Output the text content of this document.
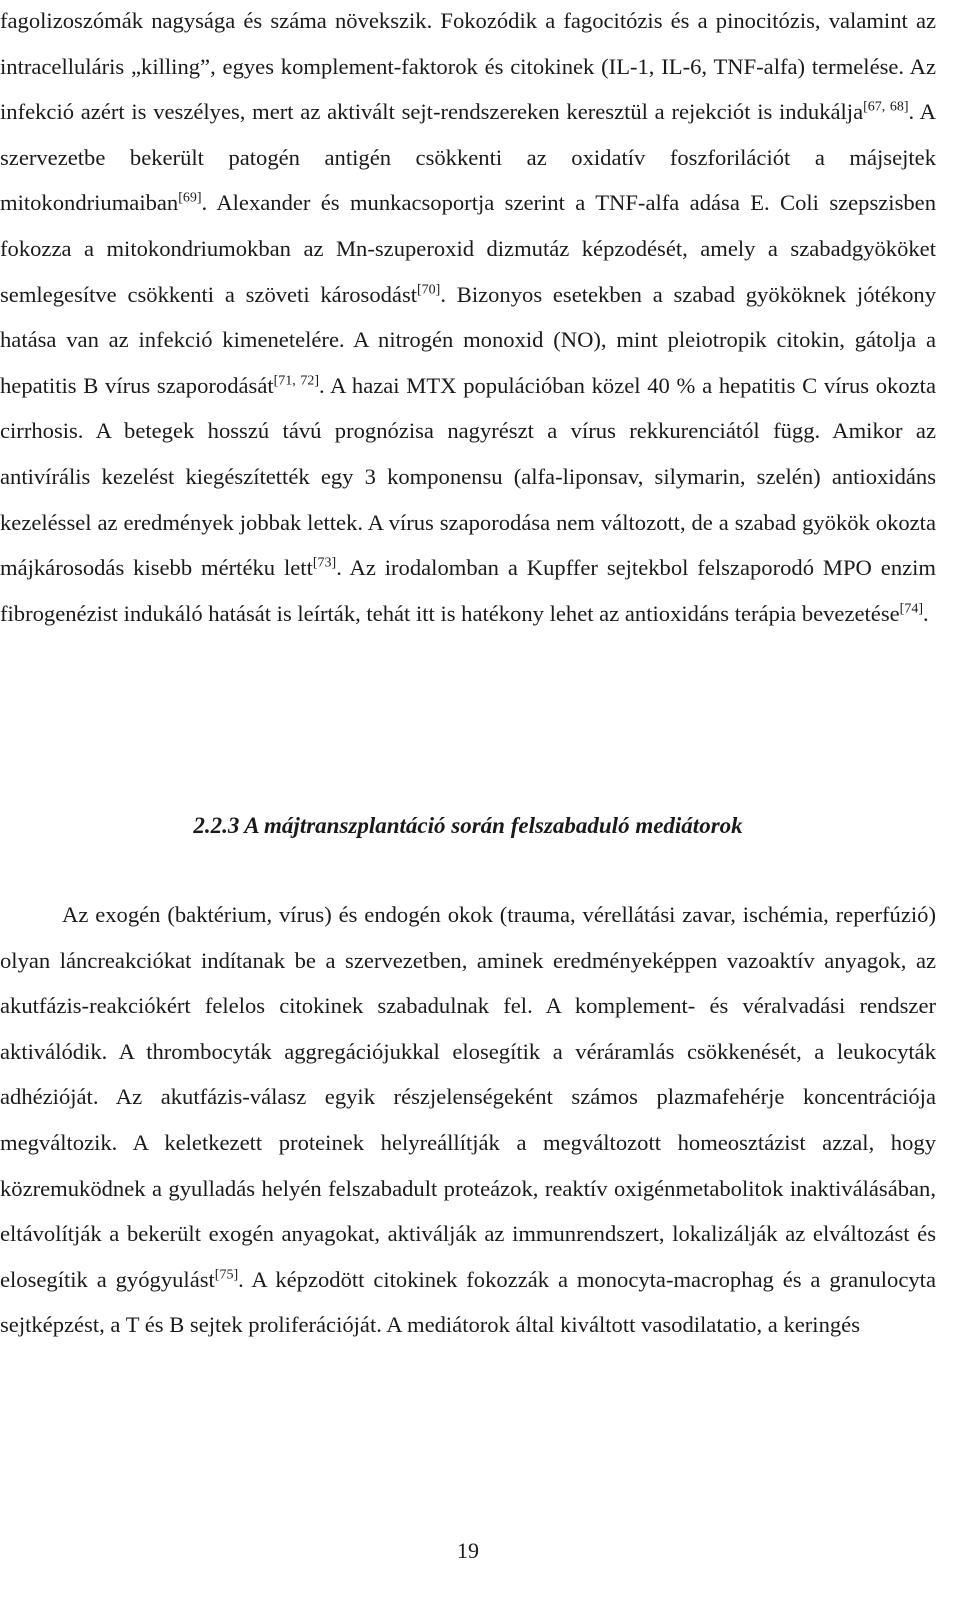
fagolizoszómák nagysága és száma növekszik. Fokozódik a fagocitózis és a pinocitózis, valamint az intracelluláris „killing”, egyes komplement-faktorok és citokinek (IL-1, IL-6, TNF-alfa) termelése. Az infekció azért is veszélyes, mert az aktivált sejt-rendszereken keresztül a rejekciót is indukálja[67, 68]. A szervezetbe bekerült patogén antigén csökkenti az oxidatív foszforilációt a májsejtek mitokondriumaiban[69]. Alexander és munkacsoportja szerint a TNF-alfa adása E. Coli szepszisben fokozza a mitokondriumokban az Mn-szuperoxid dizmutáz képzodését, amely a szabadgyököket semlegesítve csökkenti a szöveti károsodást[70]. Bizonyos esetekben a szabad gyököknek jótékony hatása van az infekció kimenetelére. A nitrogén monoxid (NO), mint pleiotropik citokin, gátolja a hepatitis B vírus szaporodását[71, 72]. A hazai MTX populációban közel 40 % a hepatitis C vírus okozta cirrhosis. A betegek hosszú távú prognózisa nagyrészt a vírus rekkurenciától függ. Amikor az antivírális kezelést kiegészítették egy 3 komponensu (alfa-liponsav, silymarin, szelén) antioxidáns kezeléssel az eredmények jobbak lettek. A vírus szaporodása nem változott, de a szabad gyökök okozta májkárosodás kisebb mértéku lett[73]. Az irodalomban a Kupffer sejtekbol felszaporodó MPO enzim fibrogenézist indukáló hatását is leírták, tehát itt is hatékony lehet az antioxidáns terápia bevezetése[74].

2.2.3 A májtranszplantáció során felszabaduló mediátorok

Az exogén (baktérium, vírus) és endogén okok (trauma, vérellátási zavar, ischémia, reperfúzió) olyan láncreakciókat indítanak be a szervezetben, aminek eredményeképpen vazoaktív anyagok, az akutfázis-reakciókért felelos citokinek szabadulnak fel. A komplement- és véralvadási rendszer aktiválódik. A thrombocyták aggregációjukkal elosegítik a véráramlás csökkenését, a leukocyták adhézióját. Az akutfázis-válasz egyik részjelenségeként számos plazmafehérje koncentrációja megváltozik. A keletkezett proteinek helyreállítják a megváltozott homeosztázist azzal, hogy közremuködnek a gyulladás helyén felszabadult proteázok, reaktív oxigénmetabolitok inaktiválásában, eltávolítják a bekerült exogén anyagokat, aktiválják az immunrendszert, lokalizálják az elváltozást és elosegítik a gyógyulást[75]. A képzodött citokinek fokozzák a monocyta-macrophag és a granulocyta sejtképzést, a T és B sejtek proliferációját. A mediátorok által kiváltott vasodilatatio, a keringés

19
